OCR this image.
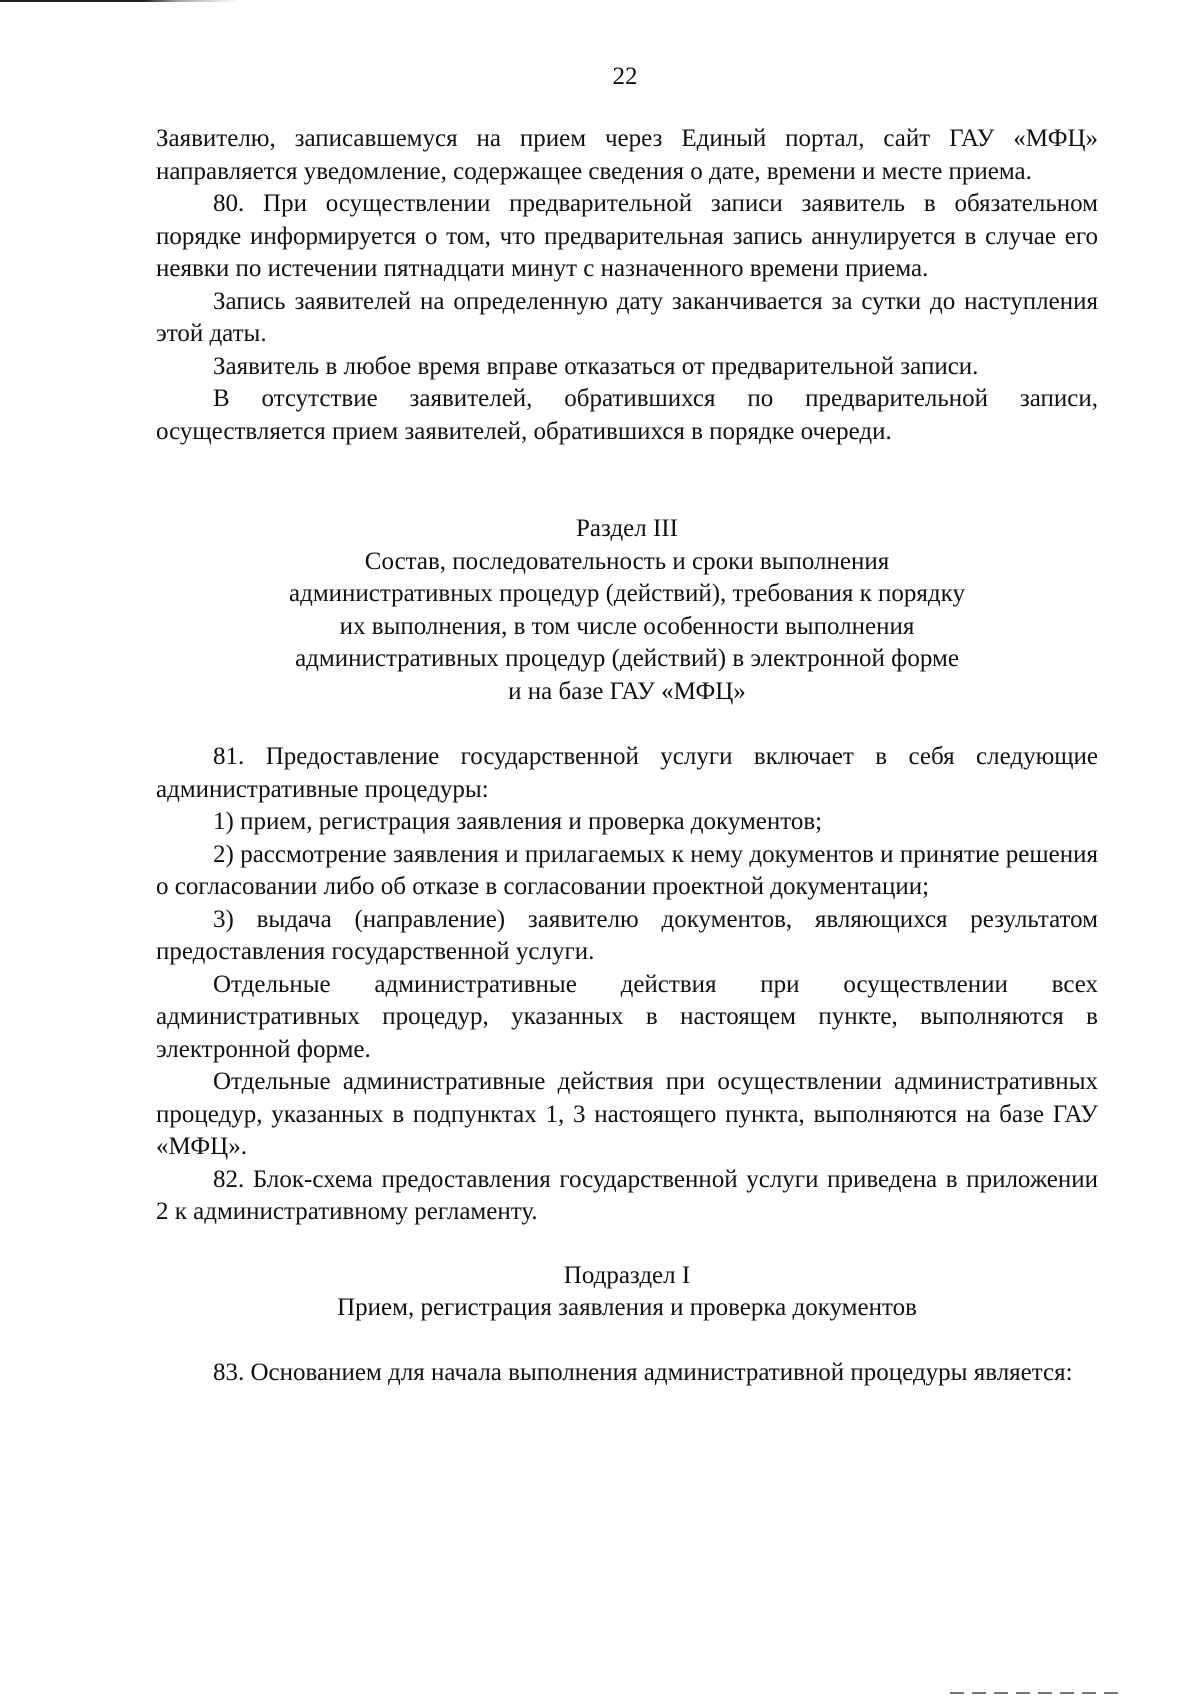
22

Заявителю, записавшемуся на прием через Единый портал, сайт ГАУ «МФЦ» направляется уведомление, содержащее сведения о дате, времени и месте приема.

80. При осуществлении предварительной записи заявитель в обязательном порядке информируется о том, что предварительная запись аннулируется в случае его неявки по истечении пятнадцати минут с назначенного времени приема.

Запись заявителей на определенную дату заканчивается за сутки до наступления этой даты.

Заявитель в любое время вправе отказаться от предварительной записи.

В отсутствие заявителей, обратившихся по предварительной записи, осуществляется прием заявителей, обратившихся в порядке очереди.

Раздел III

Состав, последовательность и сроки выполнения

административных процедур (действий), требования к порядку

их выполнения, в том числе особенности выполнения

административных процедур (действий) в электронной форме

и на базе ГАУ «МФЦ»

81. Предоставление государственной услуги включает в себя следующие административные процедуры:

1) прием, регистрация заявления и проверка документов;

2) рассмотрение заявления и прилагаемых к нему документов и принятие решения о согласовании либо об отказе в согласовании проектной документации;

3) выдача (направление) заявителю документов, являющихся результатом предоставления государственной услуги.

Отдельные административные действия при осуществлении всех административных процедур, указанных в настоящем пункте, выполняются в электронной форме.

Отдельные административные действия при осуществлении административных процедур, указанных в подпунктах 1, 3 настоящего пункта, выполняются на базе ГАУ «МФЦ».

82. Блок-схема предоставления государственной услуги приведена в приложении 2 к административному регламенту.

Подраздел I

Прием, регистрация заявления и проверка документов

83. Основанием для начала выполнения административной процедуры является:
